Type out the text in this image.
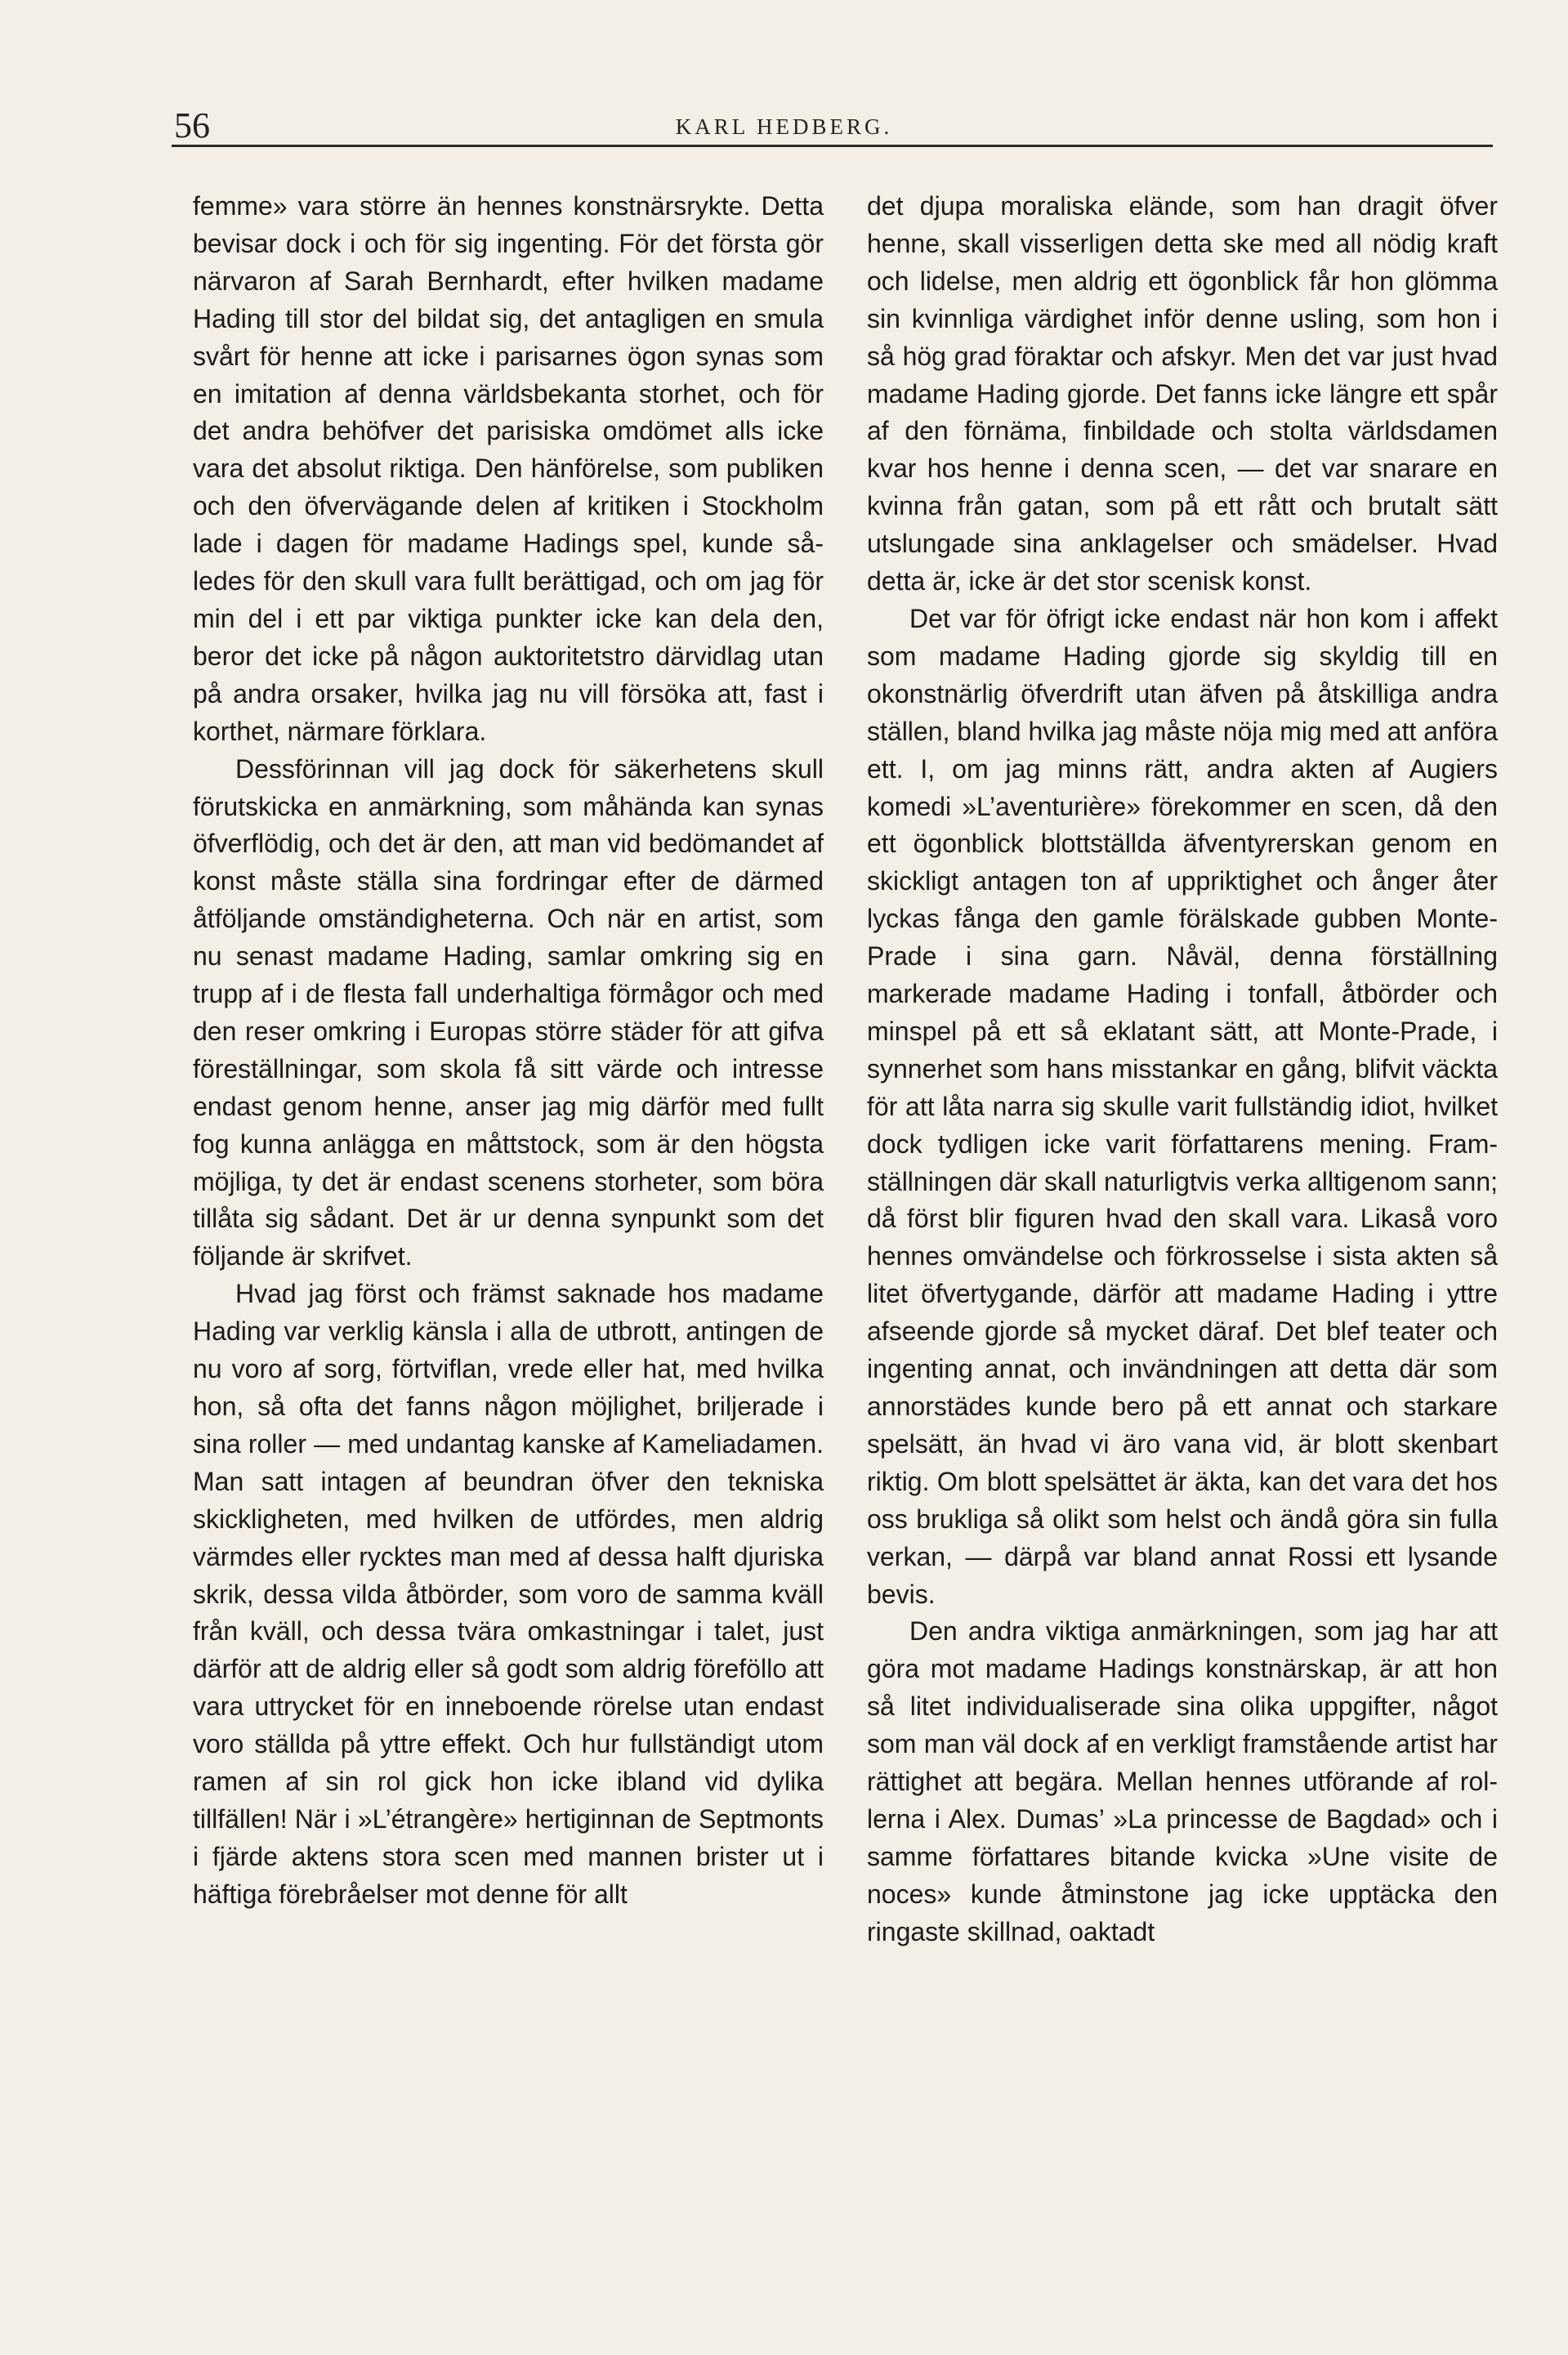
56	KARL HEDBERG.

femme» vara större än hennes konstnärsrykte. Detta bevisar dock i och för sig ingenting. För det första gör närvaron af Sarah Bernhardt, efter hvilken madame Hading till stor del bildat sig, det antagligen en smula svårt för henne att icke i parisarnes ögon synas som en imitation af denna världsbekanta storhet, och för det andra behöfver det parisiska omdömet alls icke vara det absolut riktiga. Den hänförelse, som publiken och den öfvervägande delen af kritiken i Stockholm lade i dagen för madame Hadings spel, kunde således för den skull vara fullt berättigad, och om jag för min del i ett par viktiga punkter icke kan dela den, beror det icke på någon auktoritetstro därvidlag utan på andra orsaker, hvilka jag nu vill försöka att, fast i korthet, närmare förklara.

Dessförinnan vill jag dock för säkerhetens skull förutskicka en anmärkning, som måhända kan synas öfverflödig, och det är den, att man vid bedömandet af konst måste ställa sina fordringar efter de därmed åtföljande omständigheterna. Och när en artist, som nu senast madame Hading, samlar omkring sig en trupp af i de flesta fall underhaltiga förmågor och med den reser omkring i Europas större städer för att gifva föreställningar, som skola få sitt värde och intresse endast genom henne, anser jag mig därför med fullt fog kunna anlägga en måttstock, som är den högsta möjliga, ty det är endast scenens storheter, som böra tillåta sig sådant. Det är ur denna synpunkt som det följande är skrifvet.

Hvad jag först och främst saknade hos madame Hading var verklig känsla i alla de utbrott, antingen de nu voro af sorg, förtviflan, vrede eller hat, med hvilka hon, så ofta det fanns någon möjlighet, briljerade i sina roller — med undantag kanske af Kameliadamen. Man satt intagen af beundran öfver den tekniska skickligheten, med hvilken de utfördes, men aldrig värmdes eller rycktes man med af dessa halft djuriska skrik, dessa vilda åtbörder, som voro de samma kväll från kväll, och dessa tvära omkastningar i talet, just därför att de aldrig eller så godt som aldrig föreföllo att vara uttrycket för en inneboende rörelse utan endast voro ställda på yttre effekt. Och hur fullständigt utom ramen af sin rol gick hon icke ibland vid dylika tillfällen! När i »L’étrangère» hertiginnan de Septmonts i fjärde aktens stora scen med mannen brister ut i häftiga förebråelser mot denne för allt

det djupa moraliska elände, som han dragit öfver henne, skall visserligen detta ske med all nödig kraft och lidelse, men aldrig ett ögonblick får hon glömma sin kvinnliga värdighet inför denne usling, som hon i så hög grad föraktar och afskyr. Men det var just hvad madame Hading gjorde. Det fanns icke längre ett spår af den förnäma, finbildade och stolta världsdamen kvar hos henne i denna scen, — det var snarare en kvinna från gatan, som på ett rått och brutalt sätt utslungade sina anklagelser och smädelser. Hvad detta är, icke är det stor scenisk konst.

Det var för öfrigt icke endast när hon kom i affekt som madame Hading gjorde sig skyldig till en okonstnärlig öfverdrift utan äfven på åtskilliga andra ställen, bland hvilka jag måste nöja mig med att anföra ett. I, om jag minns rätt, andra akten af Augiers komedi »L’aventurière» förekommer en scen, då den ett ögonblick blottställda äfventyrerskan genom en skickligt antagen ton af uppriktighet och ånger åter lyckas fånga den gamle förälskade gubben Monte-Prade i sina garn. Nåväl, denna förställning markerade madame Hading i tonfall, åtbörder och minspel på ett så eklatant sätt, att Monte-Prade, i synnerhet som hans misstankar en gång, blifvit väckta för att låta narra sig skulle varit fullständig idiot, hvilket dock tydligen icke varit författarens mening. Framställningen där skall naturligtvis verka alltigenom sann; då först blir figuren hvad den skall vara. Likaså voro hennes omvändelse och förkrosselse i sista akten så litet öfvertygande, därför att madame Hading i yttre afseende gjorde så mycket däraf. Det blef teater och ingenting annat, och invändningen att detta där som annorstädes kunde bero på ett annat och starkare spelsätt, än hvad vi äro vana vid, är blott skenbart riktig. Om blott spelsättet är äkta, kan det vara det hos oss brukliga så olikt som helst och ändå göra sin fulla verkan, — därpå var bland annat Rossi ett lysande bevis.

Den andra viktiga anmärkningen, som jag har att göra mot madame Hadings konstnärskap, är att hon så litet individualiserade sina olika uppgifter, något som man väl dock af en verkligt framstående artist har rättighet att begära. Mellan hennes utförande af rollerna i Alex. Dumas’ »La princesse de Bagdad» och i samme författares bitande kvicka »Une visite de noces» kunde åtminstone jag icke upptäcka den ringaste skillnad, oaktadt
